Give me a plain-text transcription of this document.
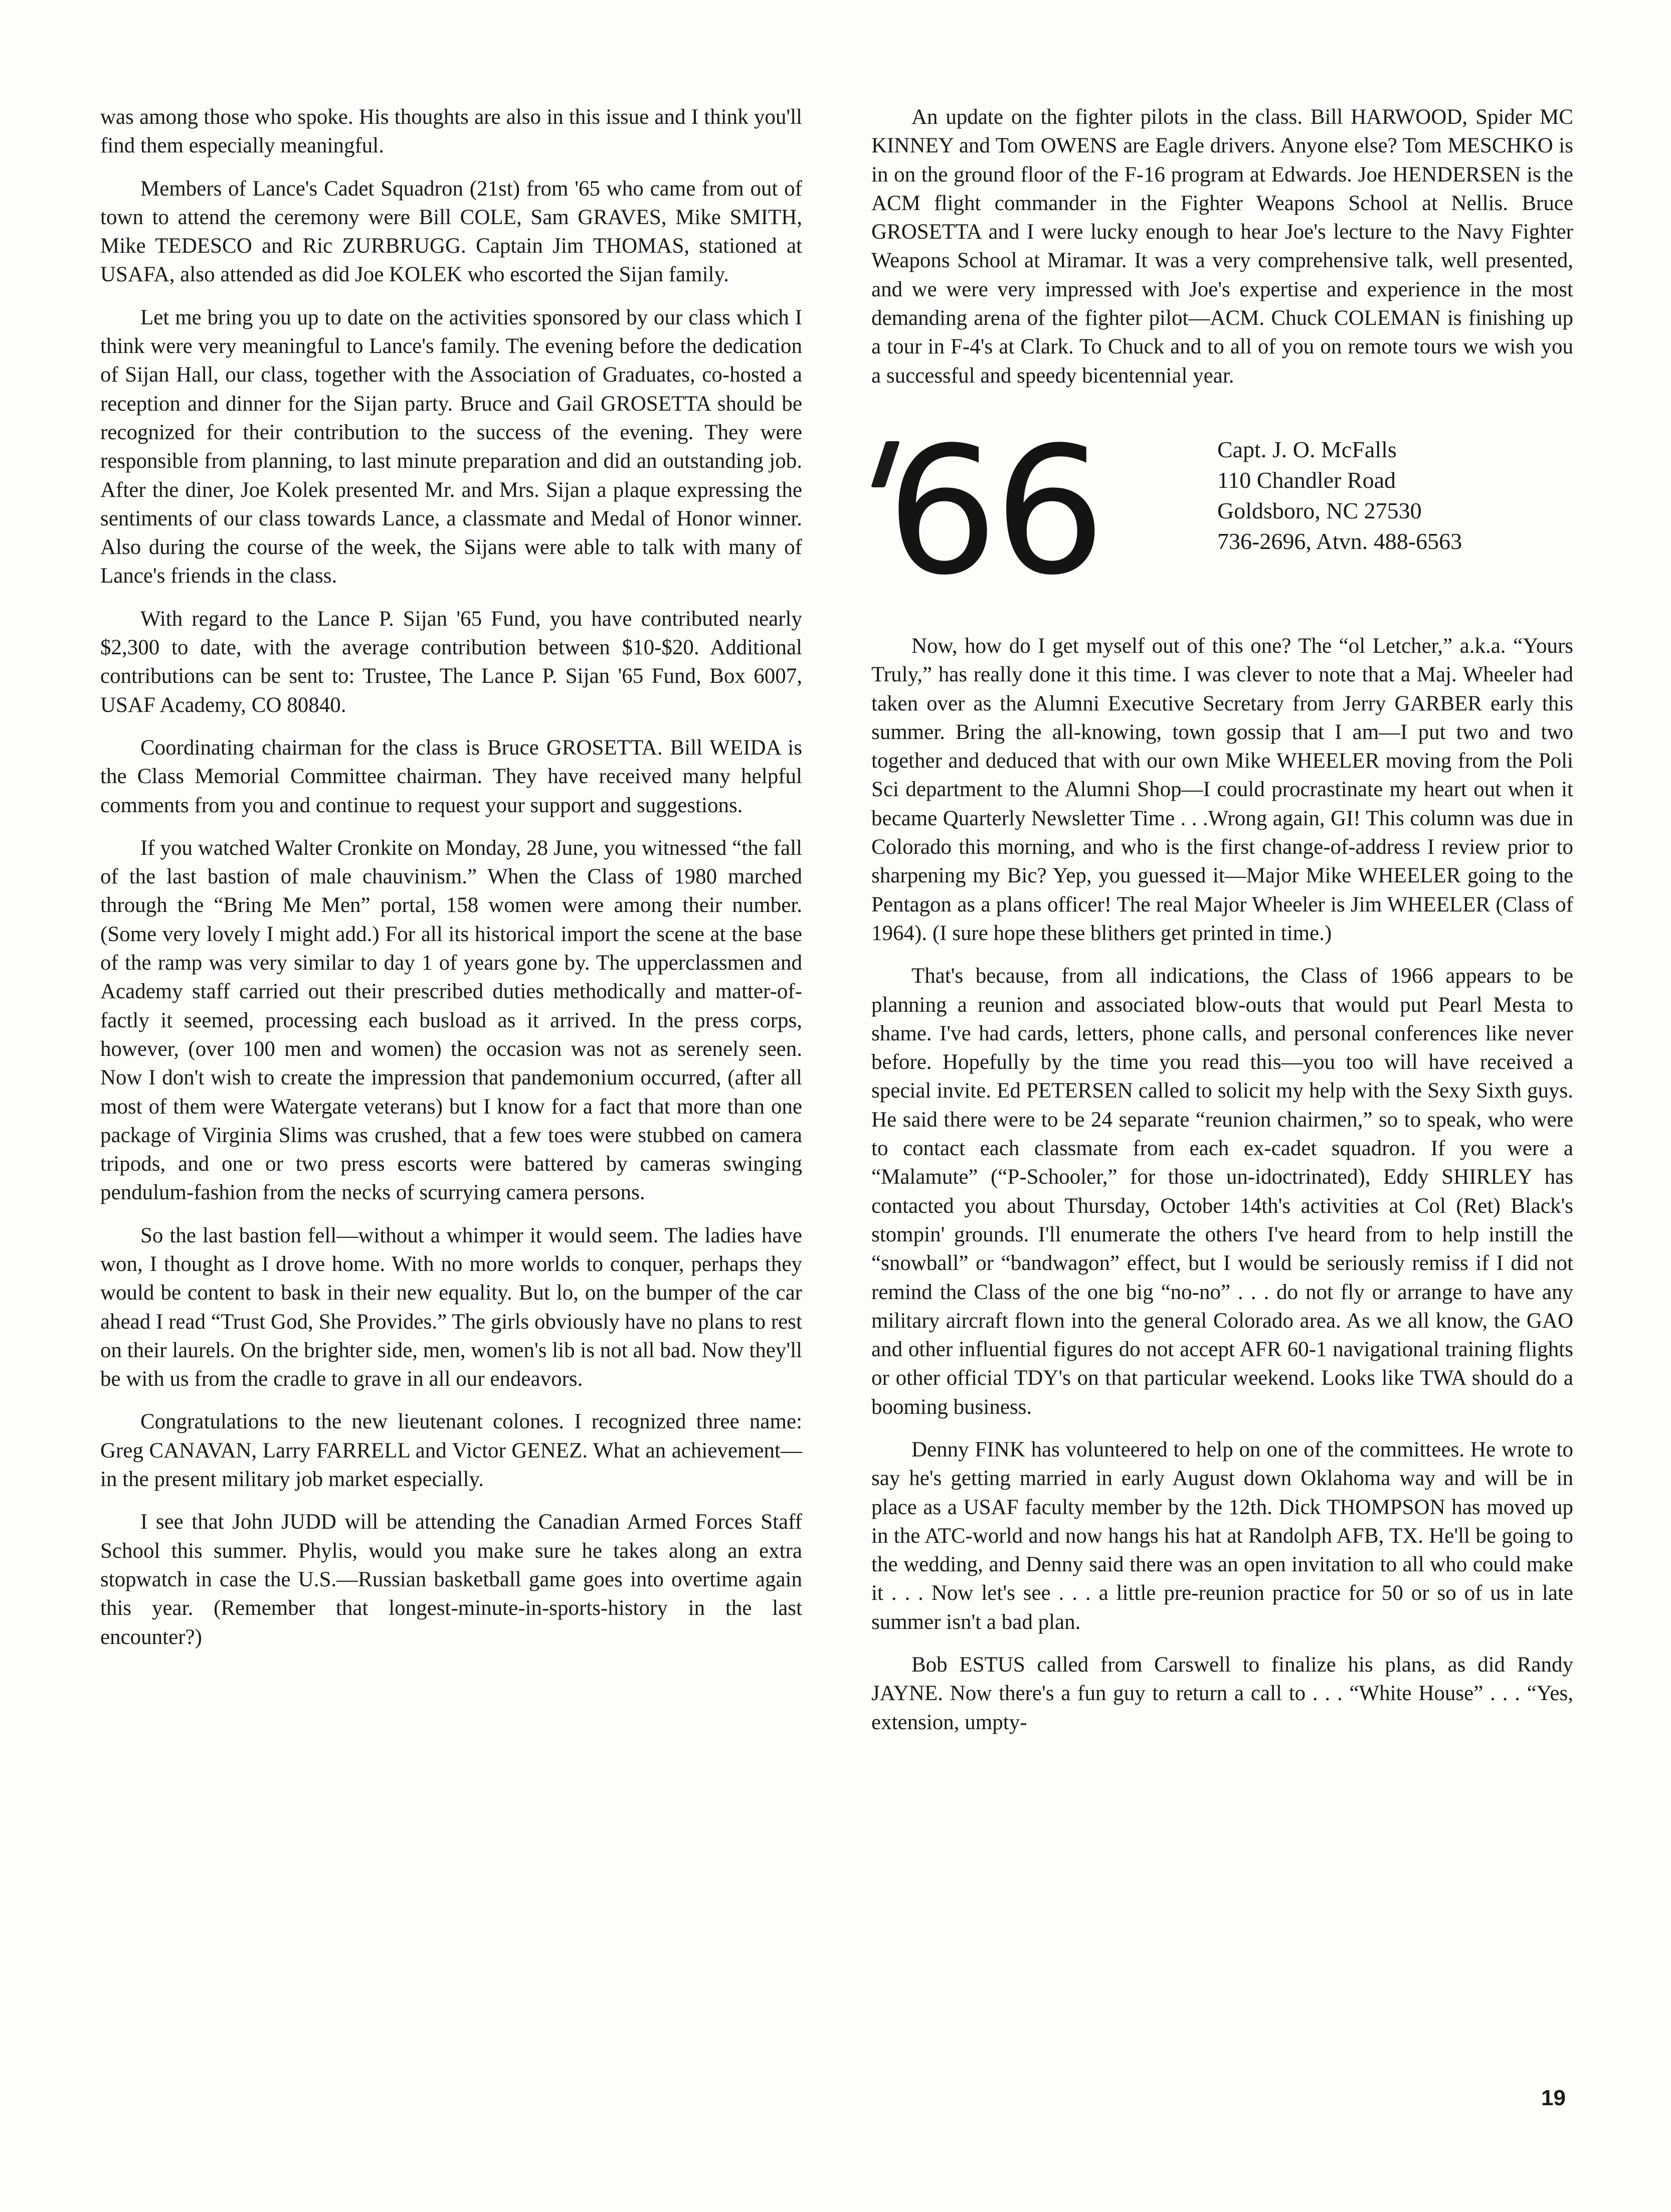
was among those who spoke. His thoughts are also in this issue and I think you'll find them especially meaningful.

Members of Lance's Cadet Squadron (21st) from '65 who came from out of town to attend the ceremony were Bill COLE, Sam GRAVES, Mike SMITH, Mike TEDESCO and Ric ZURBRUGG. Captain Jim THOMAS, stationed at USAFA, also attended as did Joe KOLEK who escorted the Sijan family.

Let me bring you up to date on the activities sponsored by our class which I think were very meaningful to Lance's family. The evening before the dedication of Sijan Hall, our class, together with the Association of Graduates, co-hosted a reception and dinner for the Sijan party. Bruce and Gail GROSETTA should be recognized for their contribution to the success of the evening. They were responsible from planning, to last minute preparation and did an outstanding job. After the diner, Joe Kolek presented Mr. and Mrs. Sijan a plaque expressing the sentiments of our class towards Lance, a classmate and Medal of Honor winner. Also during the course of the week, the Sijans were able to talk with many of Lance's friends in the class.

With regard to the Lance P. Sijan '65 Fund, you have contributed nearly $2,300 to date, with the average contribution between $10-$20. Additional contributions can be sent to: Trustee, The Lance P. Sijan '65 Fund, Box 6007, USAF Academy, CO 80840.

Coordinating chairman for the class is Bruce GROSETTA. Bill WEIDA is the Class Memorial Committee chairman. They have received many helpful comments from you and continue to request your support and suggestions.

If you watched Walter Cronkite on Monday, 28 June, you witnessed “the fall of the last bastion of male chauvinism.” When the Class of 1980 marched through the “Bring Me Men” portal, 158 women were among their number. (Some very lovely I might add.) For all its historical import the scene at the base of the ramp was very similar to day 1 of years gone by. The upperclassmen and Academy staff carried out their prescribed duties methodically and matter-of-factly it seemed, processing each busload as it arrived. In the press corps, however, (over 100 men and women) the occasion was not as serenely seen. Now I don't wish to create the impression that pandemonium occurred, (after all most of them were Watergate veterans) but I know for a fact that more than one package of Virginia Slims was crushed, that a few toes were stubbed on camera tripods, and one or two press escorts were battered by cameras swinging pendulum-fashion from the necks of scurrying camera persons.

So the last bastion fell—without a whimper it would seem. The ladies have won, I thought as I drove home. With no more worlds to conquer, perhaps they would be content to bask in their new equality. But lo, on the bumper of the car ahead I read “Trust God, She Provides.” The girls obviously have no plans to rest on their laurels. On the brighter side, men, women's lib is not all bad. Now they'll be with us from the cradle to grave in all our endeavors.

Congratulations to the new lieutenant colones. I recognized three name: Greg CANAVAN, Larry FARRELL and Victor GENEZ. What an achievement—in the present military job market especially.

I see that John JUDD will be attending the Canadian Armed Forces Staff School this summer. Phylis, would you make sure he takes along an extra stopwatch in case the U.S.—Russian basketball game goes into overtime again this year. (Remember that longest-minute-in-sports-history in the last encounter?)

An update on the fighter pilots in the class. Bill HARWOOD, Spider MC KINNEY and Tom OWENS are Eagle drivers. Anyone else? Tom MESCHKO is in on the ground floor of the F-16 program at Edwards. Joe HENDERSEN is the ACM flight commander in the Fighter Weapons School at Nellis. Bruce GROSETTA and I were lucky enough to hear Joe's lecture to the Navy Fighter Weapons School at Miramar. It was a very comprehensive talk, well presented, and we were very impressed with Joe's expertise and experience in the most demanding arena of the fighter pilot—ACM. Chuck COLEMAN is finishing up a tour in F-4's at Clark. To Chuck and to all of you on remote tours we wish you a successful and speedy bicentennial year.

66	Capt. J. O. McFalls
110 Chandler Road
Goldsboro, NC 27530
736-2696, Atvn. 488-6563

Now, how do I get myself out of this one? The “ol Letcher,” a.k.a. “Yours Truly,” has really done it this time. I was clever to note that a Maj. Wheeler had taken over as the Alumni Executive Secretary from Jerry GARBER early this summer. Bring the all-knowing, town gossip that I am—I put two and two together and deduced that with our own Mike WHEELER moving from the Poli Sci department to the Alumni Shop—I could procrastinate my heart out when it became Quarterly Newsletter Time . . .Wrong again, GI! This column was due in Colorado this morning, and who is the first change-of-address I review prior to sharpening my Bic? Yep, you guessed it—Major Mike WHEELER going to the Pentagon as a plans officer! The real Major Wheeler is Jim WHEELER (Class of 1964). (I sure hope these blithers get printed in time.)

That's because, from all indications, the Class of 1966 appears to be planning a reunion and associated blow-outs that would put Pearl Mesta to shame. I've had cards, letters, phone calls, and personal conferences like never before. Hopefully by the time you read this—you too will have received a special invite. Ed PETERSEN called to solicit my help with the Sexy Sixth guys. He said there were to be 24 separate “reunion chairmen,” so to speak, who were to contact each classmate from each ex-cadet squadron. If you were a “Malamute” (“P-Schooler,” for those un-idoctrinated), Eddy SHIRLEY has contacted you about Thursday, October 14th's activities at Col (Ret) Black's stompin' grounds. I'll enumerate the others I've heard from to help instill the “snowball” or “bandwagon” effect, but I would be seriously remiss if I did not remind the Class of the one big “no-no” . . . do not fly or arrange to have any military aircraft flown into the general Colorado area. As we all know, the GAO and other influential figures do not accept AFR 60-1 navigational training flights or other official TDY's on that particular weekend. Looks like TWA should do a booming business.

Denny FINK has volunteered to help on one of the committees. He wrote to say he's getting married in early August down Oklahoma way and will be in place as a USAF faculty member by the 12th. Dick THOMPSON has moved up in the ATC-world and now hangs his hat at Randolph AFB, TX. He'll be going to the wedding, and Denny said there was an open invitation to all who could make it . . . Now let's see . . . a little pre-reunion practice for 50 or so of us in late summer isn't a bad plan.

Bob ESTUS called from Carswell to finalize his plans, as did Randy JAYNE. Now there's a fun guy to return a call to . . . “White House” . . . “Yes, extension, umpty-

19
